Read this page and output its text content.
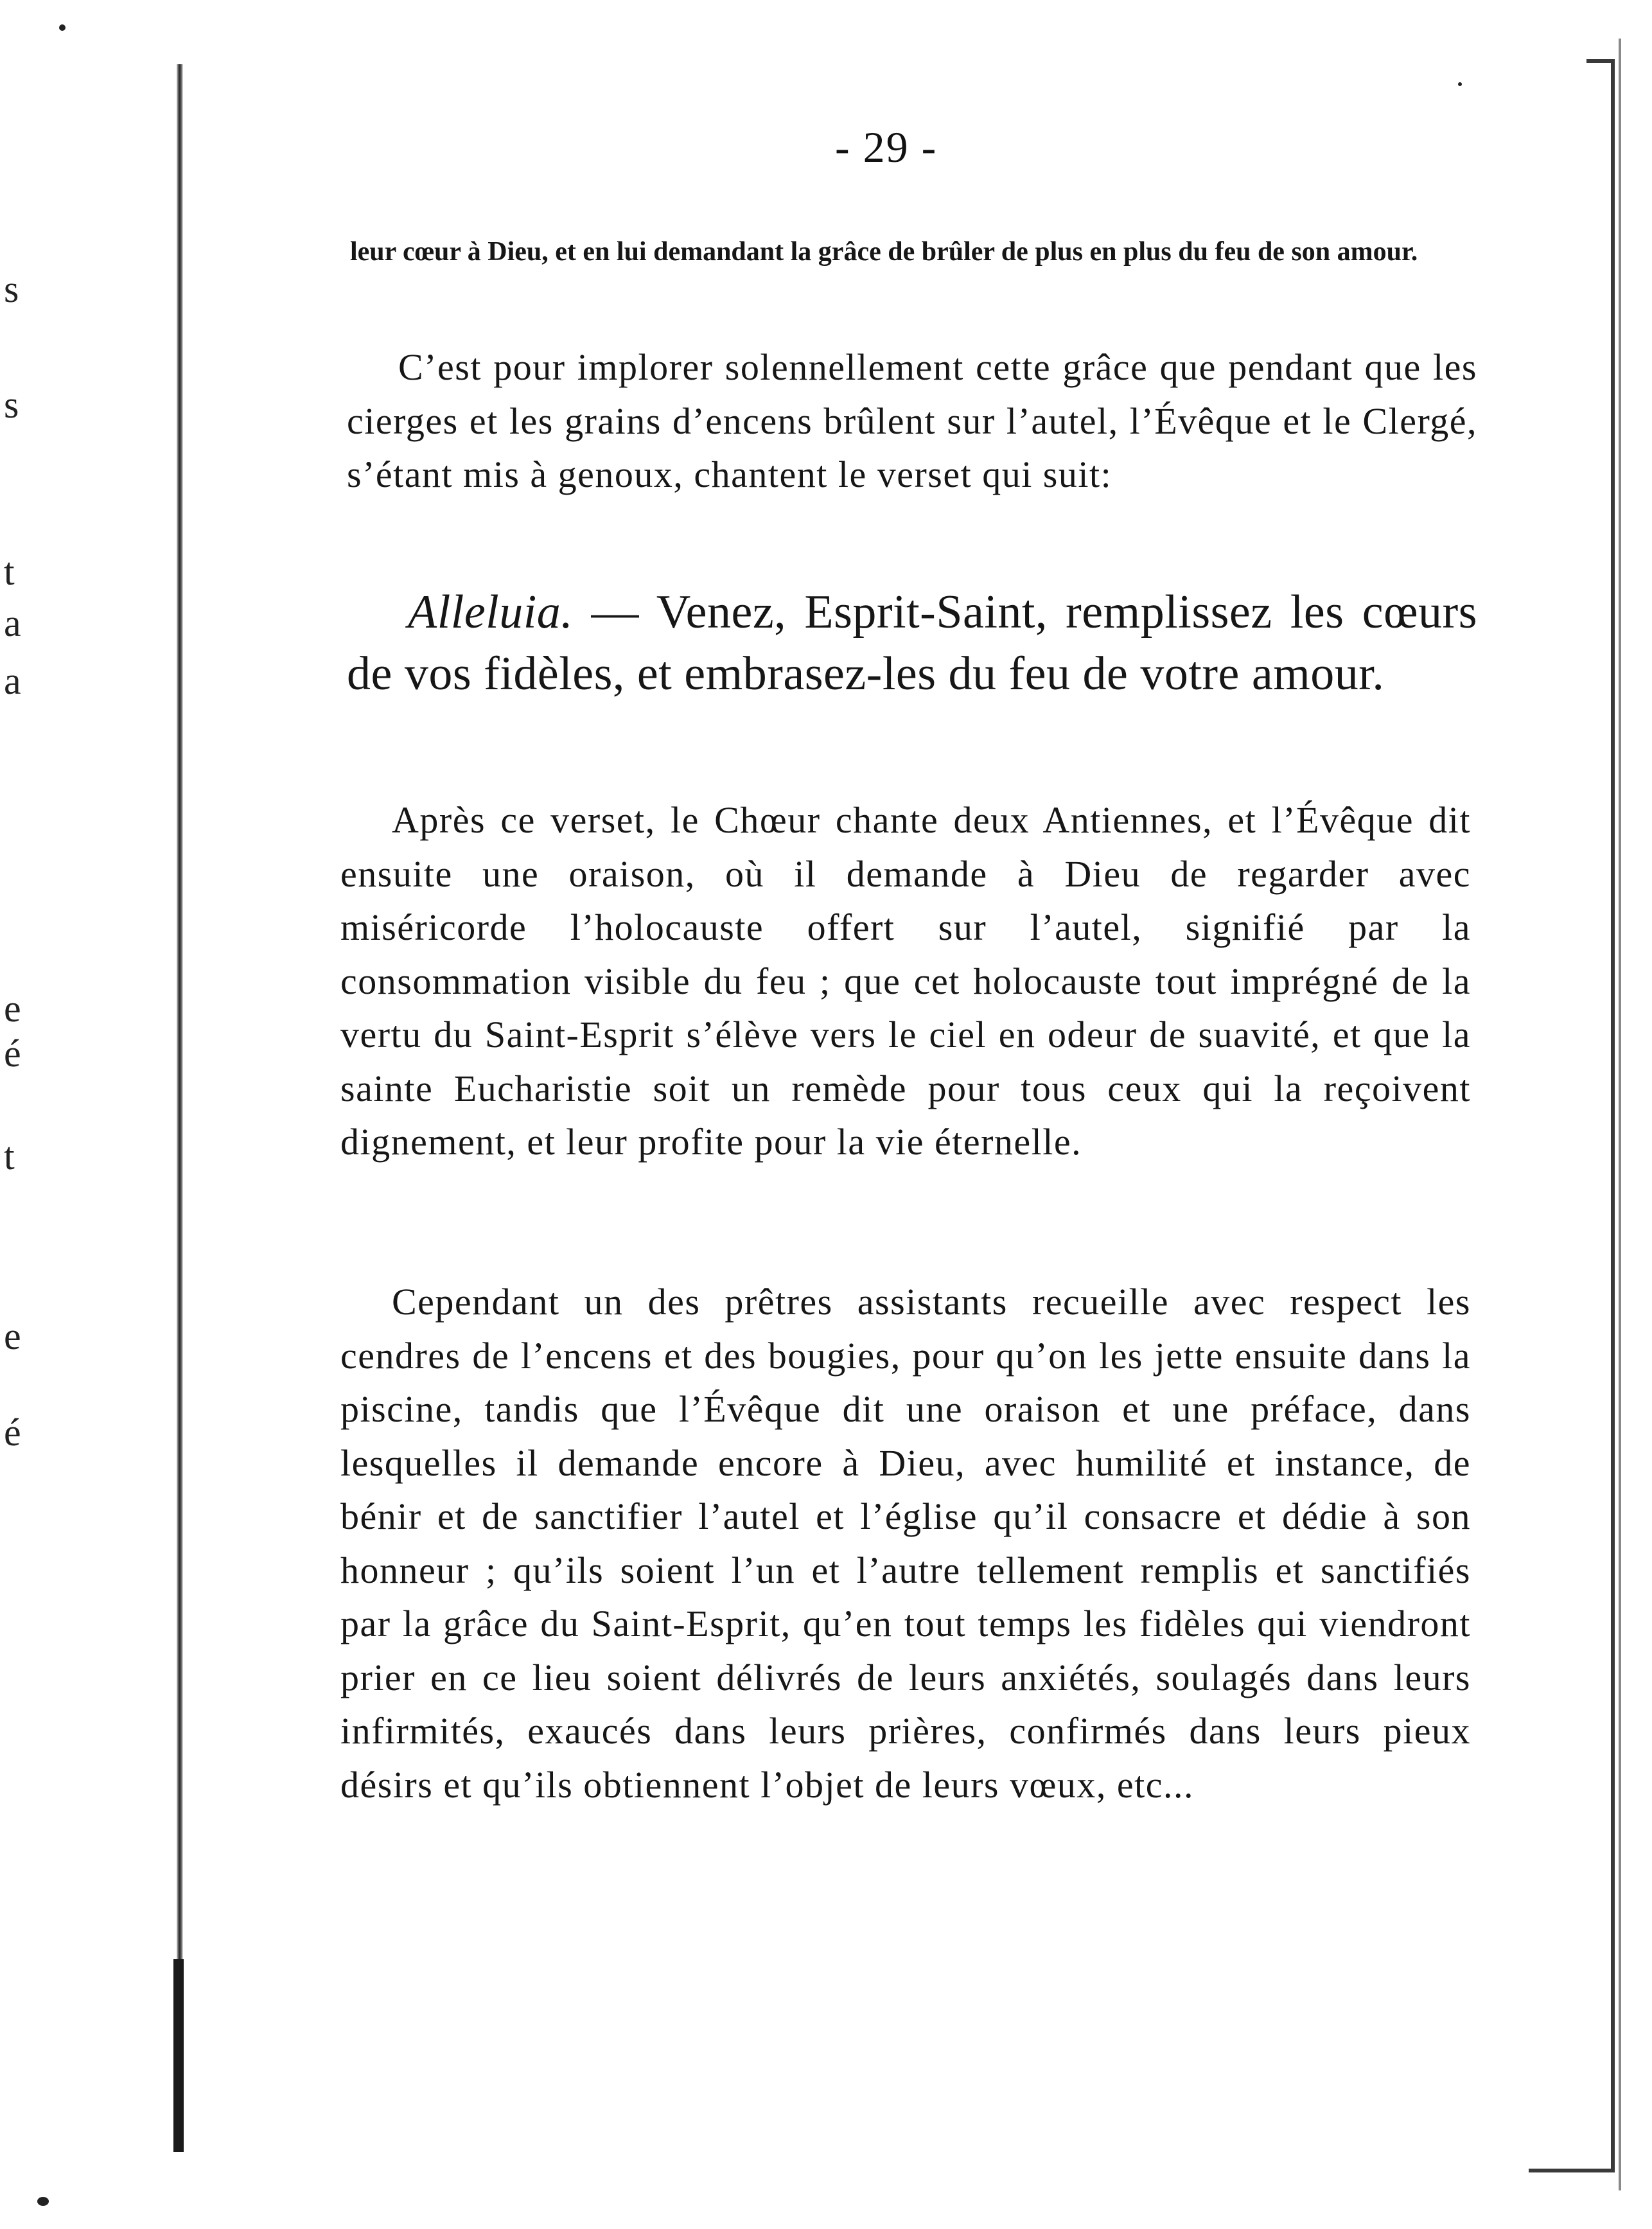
s
s
t
a
a
e
é
t
e
é
- 29 -
leur cœur à Dieu, et en lui demandant la grâce de brûler de plus en plus du feu de son amour.
C’est pour implorer solennellement cette grâce que pendant que les cierges et les grains d’encens brûlent sur l’autel, l’Évêque et le Clergé, s’étant mis à genoux, chantent le verset qui suit:
Alleluia. — Venez, Esprit-Saint, remplissez les cœurs de vos fidèles, et embrasez-les du feu de votre amour.
Après ce verset, le Chœur chante deux Antiennes, et l’Évêque dit ensuite une oraison, où il demande à Dieu de regarder avec miséricorde l’holocauste offert sur l’autel, signifié par la consommation visible du feu ; que cet holocauste tout imprégné de la vertu du Saint-Esprit s’élève vers le ciel en odeur de suavité, et que la sainte Eucharistie soit un remède pour tous ceux qui la reçoivent dignement, et leur profite pour la vie éternelle.
Cependant un des prêtres assistants recueille avec respect les cendres de l’encens et des bougies, pour qu’on les jette ensuite dans la piscine, tandis que l’Évêque dit une oraison et une préface, dans lesquelles il demande encore à Dieu, avec humilité et instance, de bénir et de sanctifier l’autel et l’église qu’il consacre et dédie à son honneur ; qu’ils soient l’un et l’autre tellement remplis et sanctifiés par la grâce du Saint-Esprit, qu’en tout temps les fidèles qui viendront prier en ce lieu soient délivrés de leurs anxiétés, soulagés dans leurs infirmités, exaucés dans leurs prières, confirmés dans leurs pieux désirs et qu’ils obtiennent l’objet de leurs vœux, etc...
